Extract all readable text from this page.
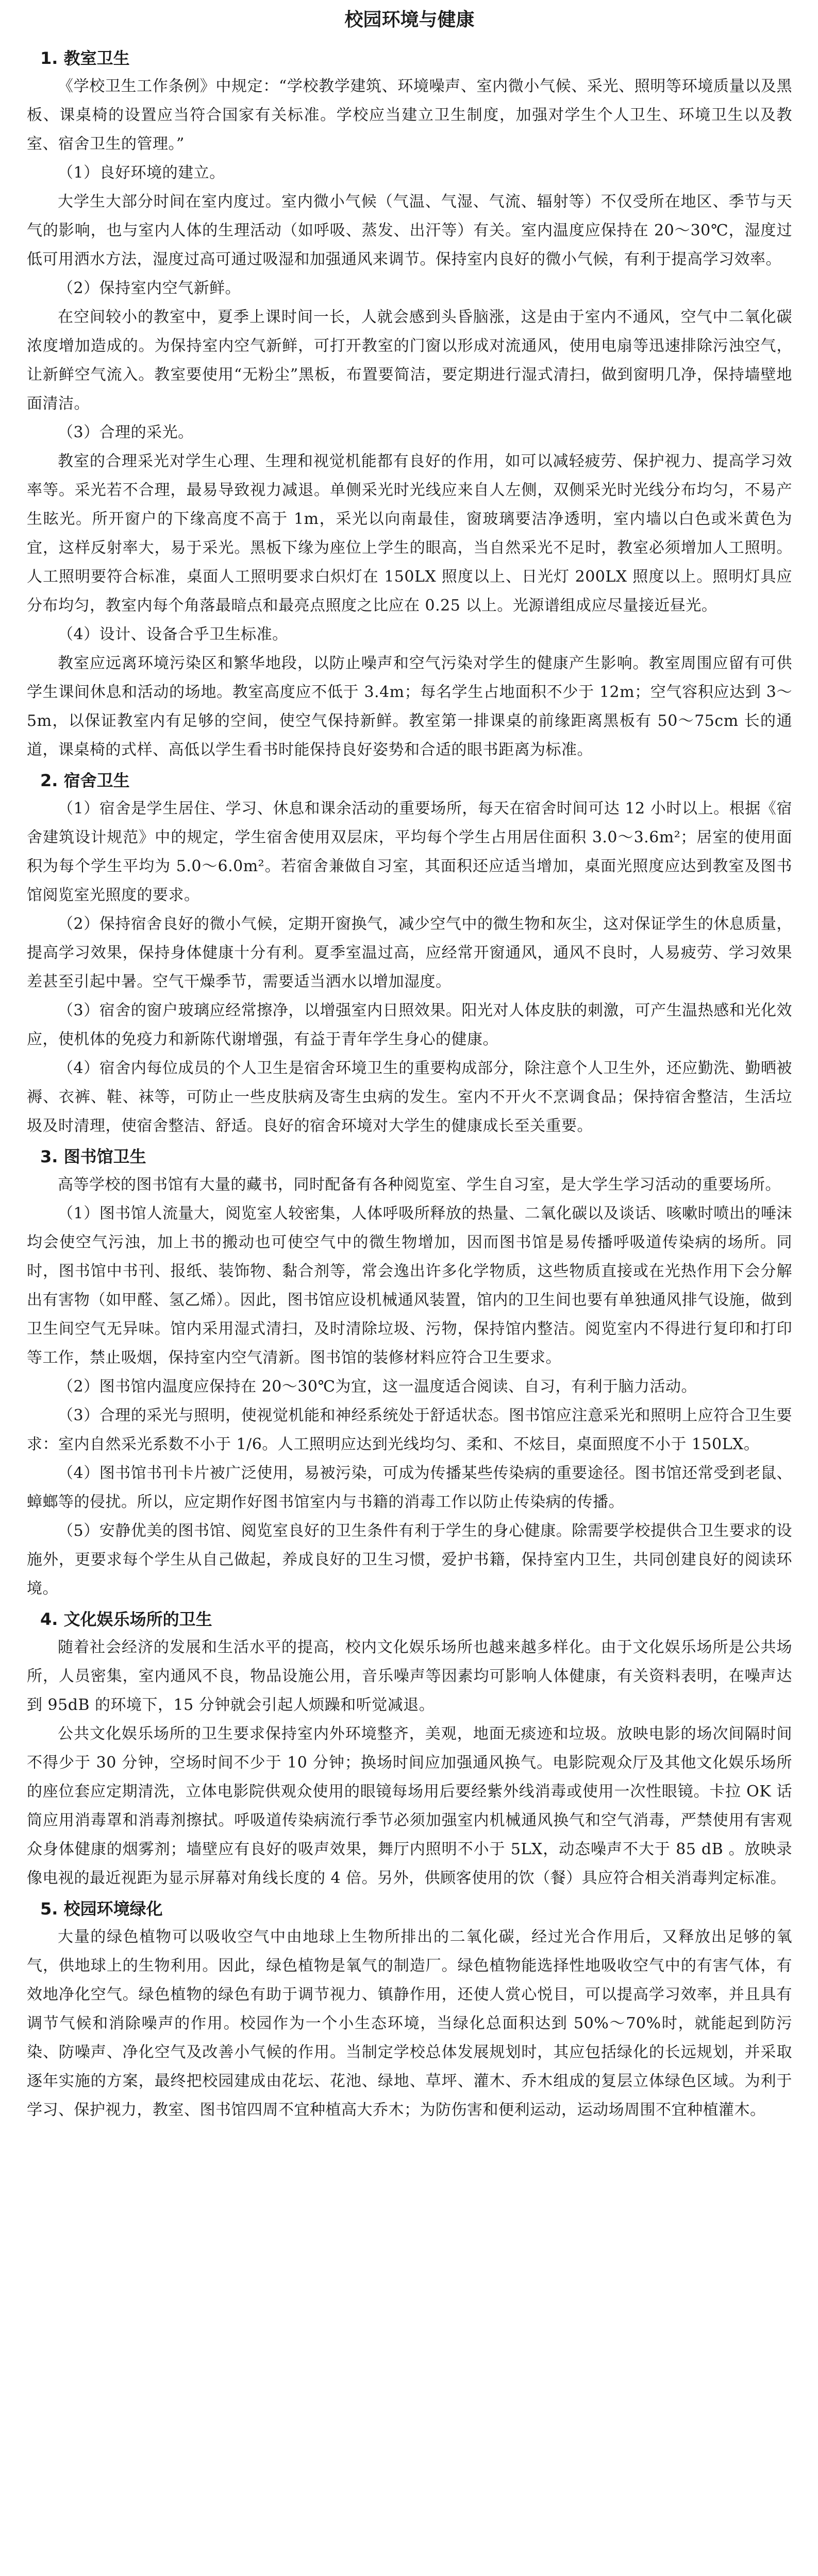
校园环境与健康
1. 教室卫生

《学校卫生工作条例》中规定：“学校教学建筑、环境噪声、室内微小气候、采光、照明等环境质量以及黑板、课桌椅的设置应当符合国家有关标准。学校应当建立卫生制度，加强对学生个人卫生、环境卫生以及教室、宿舍卫生的管理。”

（1）良好环境的建立。

大学生大部分时间在室内度过。室内微小气候（气温、气湿、气流、辐射等）不仅受所在地区、季节与天气的影响，也与室内人体的生理活动（如呼吸、蒸发、出汗等）有关。室内温度应保持在 20～30℃，湿度过低可用洒水方法，湿度过高可通过吸湿和加强通风来调节。保持室内良好的微小气候，有利于提高学习效率。

（2）保持室内空气新鲜。

在空间较小的教室中，夏季上课时间一长，人就会感到头昏脑涨，这是由于室内不通风，空气中二氧化碳浓度增加造成的。为保持室内空气新鲜，可打开教室的门窗以形成对流通风，使用电扇等迅速排除污浊空气，让新鲜空气流入。教室要使用“无粉尘”黑板，布置要简洁，要定期进行湿式清扫，做到窗明几净，保持墙壁地面清洁。

（3）合理的采光。

教室的合理采光对学生心理、生理和视觉机能都有良好的作用，如可以减轻疲劳、保护视力、提高学习效率等。采光若不合理，最易导致视力减退。单侧采光时光线应来自人左侧，双侧采光时光线分布均匀，不易产生眩光。所开窗户的下缘高度不高于 1m，采光以向南最佳，窗玻璃要洁净透明，室内墙以白色或米黄色为宜，这样反射率大，易于采光。黑板下缘为座位上学生的眼高，当自然采光不足时，教室必须增加人工照明。人工照明要符合标准，桌面人工照明要求白炽灯在 150LX 照度以上、日光灯 200LX 照度以上。照明灯具应分布均匀，教室内每个角落最暗点和最亮点照度之比应在 0.25 以上。光源谱组成应尽量接近昼光。

（4）设计、设备合乎卫生标准。

教室应远离环境污染区和繁华地段，以防止噪声和空气污染对学生的健康产生影响。教室周围应留有可供学生课间休息和活动的场地。教室高度应不低于 3.4m；每名学生占地面积不少于 12m；空气容积应达到 3～5m，以保证教室内有足够的空间，使空气保持新鲜。教室第一排课桌的前缘距离黑板有 50～75cm 长的通道，课桌椅的式样、高低以学生看书时能保持良好姿势和合适的眼书距离为标准。

2. 宿舍卫生

（1）宿舍是学生居住、学习、休息和课余活动的重要场所，每天在宿舍时间可达 12 小时以上。根据《宿舍建筑设计规范》中的规定，学生宿舍使用双层床，平均每个学生占用居住面积 3.0～3.6m²；居室的使用面积为每个学生平均为 5.0～6.0m²。若宿舍兼做自习室，其面积还应适当增加，桌面光照度应达到教室及图书馆阅览室光照度的要求。

（2）保持宿舍良好的微小气候，定期开窗换气，减少空气中的微生物和灰尘，这对保证学生的休息质量，提高学习效果，保持身体健康十分有利。夏季室温过高，应经常开窗通风，通风不良时，人易疲劳、学习效果差甚至引起中暑。空气干燥季节，需要适当洒水以增加湿度。

（3）宿舍的窗户玻璃应经常擦净，以增强室内日照效果。阳光对人体皮肤的刺激，可产生温热感和光化效应，使机体的免疫力和新陈代谢增强，有益于青年学生身心的健康。

（4）宿舍内每位成员的个人卫生是宿舍环境卫生的重要构成部分，除注意个人卫生外，还应勤洗、勤晒被褥、衣裤、鞋、袜等，可防止一些皮肤病及寄生虫病的发生。室内不开火不烹调食品；保持宿舍整洁，生活垃圾及时清理，使宿舍整洁、舒适。良好的宿舍环境对大学生的健康成长至关重要。

3. 图书馆卫生

高等学校的图书馆有大量的藏书，同时配备有各种阅览室、学生自习室，是大学生学习活动的重要场所。

（1）图书馆人流量大，阅览室人较密集，人体呼吸所释放的热量、二氧化碳以及谈话、咳嗽时喷出的唾沫均会使空气污浊，加上书的搬动也可使空气中的微生物增加，因而图书馆是易传播呼吸道传染病的场所。同时，图书馆中书刊、报纸、装饰物、黏合剂等，常会逸出许多化学物质，这些物质直接或在光热作用下会分解出有害物（如甲醛、氢乙烯）。因此，图书馆应设机械通风装置，馆内的卫生间也要有单独通风排气设施，做到卫生间空气无异味。馆内采用湿式清扫，及时清除垃圾、污物，保持馆内整洁。阅览室内不得进行复印和打印等工作，禁止吸烟，保持室内空气清新。图书馆的装修材料应符合卫生要求。

（2）图书馆内温度应保持在 20～30℃为宜，这一温度适合阅读、自习，有利于脑力活动。

（3）合理的采光与照明，使视觉机能和神经系统处于舒适状态。图书馆应注意采光和照明上应符合卫生要求：室内自然采光系数不小于 1/6。人工照明应达到光线均匀、柔和、不炫目，桌面照度不小于 150LX。

（4）图书馆书刊卡片被广泛使用，易被污染，可成为传播某些传染病的重要途径。图书馆还常受到老鼠、蟑螂等的侵扰。所以，应定期作好图书馆室内与书籍的消毒工作以防止传染病的传播。

（5）安静优美的图书馆、阅览室良好的卫生条件有利于学生的身心健康。除需要学校提供合卫生要求的设施外，更要求每个学生从自己做起，养成良好的卫生习惯，爱护书籍，保持室内卫生，共同创建良好的阅读环境。

4. 文化娱乐场所的卫生

随着社会经济的发展和生活水平的提高，校内文化娱乐场所也越来越多样化。由于文化娱乐场所是公共场所，人员密集，室内通风不良，物品设施公用，音乐噪声等因素均可影响人体健康，有关资料表明，在噪声达到 95dB 的环境下，15 分钟就会引起人烦躁和听觉减退。

公共文化娱乐场所的卫生要求保持室内外环境整齐，美观，地面无痰迹和垃圾。放映电影的场次间隔时间不得少于 30 分钟，空场时间不少于 10 分钟；换场时间应加强通风换气。电影院观众厅及其他文化娱乐场所的座位套应定期清洗，立体电影院供观众使用的眼镜每场用后要经紫外线消毒或使用一次性眼镜。卡拉 OK 话筒应用消毒罩和消毒剂擦拭。呼吸道传染病流行季节必须加强室内机械通风换气和空气消毒，严禁使用有害观众身体健康的烟雾剂；墙壁应有良好的吸声效果，舞厅内照明不小于 5LX，动态噪声不大于 85 dB 。放映录像电视的最近视距为显示屏幕对角线长度的 4 倍。另外，供顾客使用的饮（餐）具应符合相关消毒判定标准。

5. 校园环境绿化

大量的绿色植物可以吸收空气中由地球上生物所排出的二氧化碳，经过光合作用后，又释放出足够的氧气，供地球上的生物利用。因此，绿色植物是氧气的制造厂。绿色植物能选择性地吸收空气中的有害气体，有效地净化空气。绿色植物的绿色有助于调节视力、镇静作用，还使人赏心悦目，可以提高学习效率，并且具有调节气候和消除噪声的作用。校园作为一个小生态环境，当绿化总面积达到 50%～70%时，就能起到防污染、防噪声、净化空气及改善小气候的作用。当制定学校总体发展规划时，其应包括绿化的长远规划，并采取逐年实施的方案，最终把校园建成由花坛、花池、绿地、草坪、灌木、乔木组成的复层立体绿色区域。为利于学习、保护视力，教室、图书馆四周不宜种植高大乔木；为防伤害和便利运动，运动场周围不宜种植灌木。
